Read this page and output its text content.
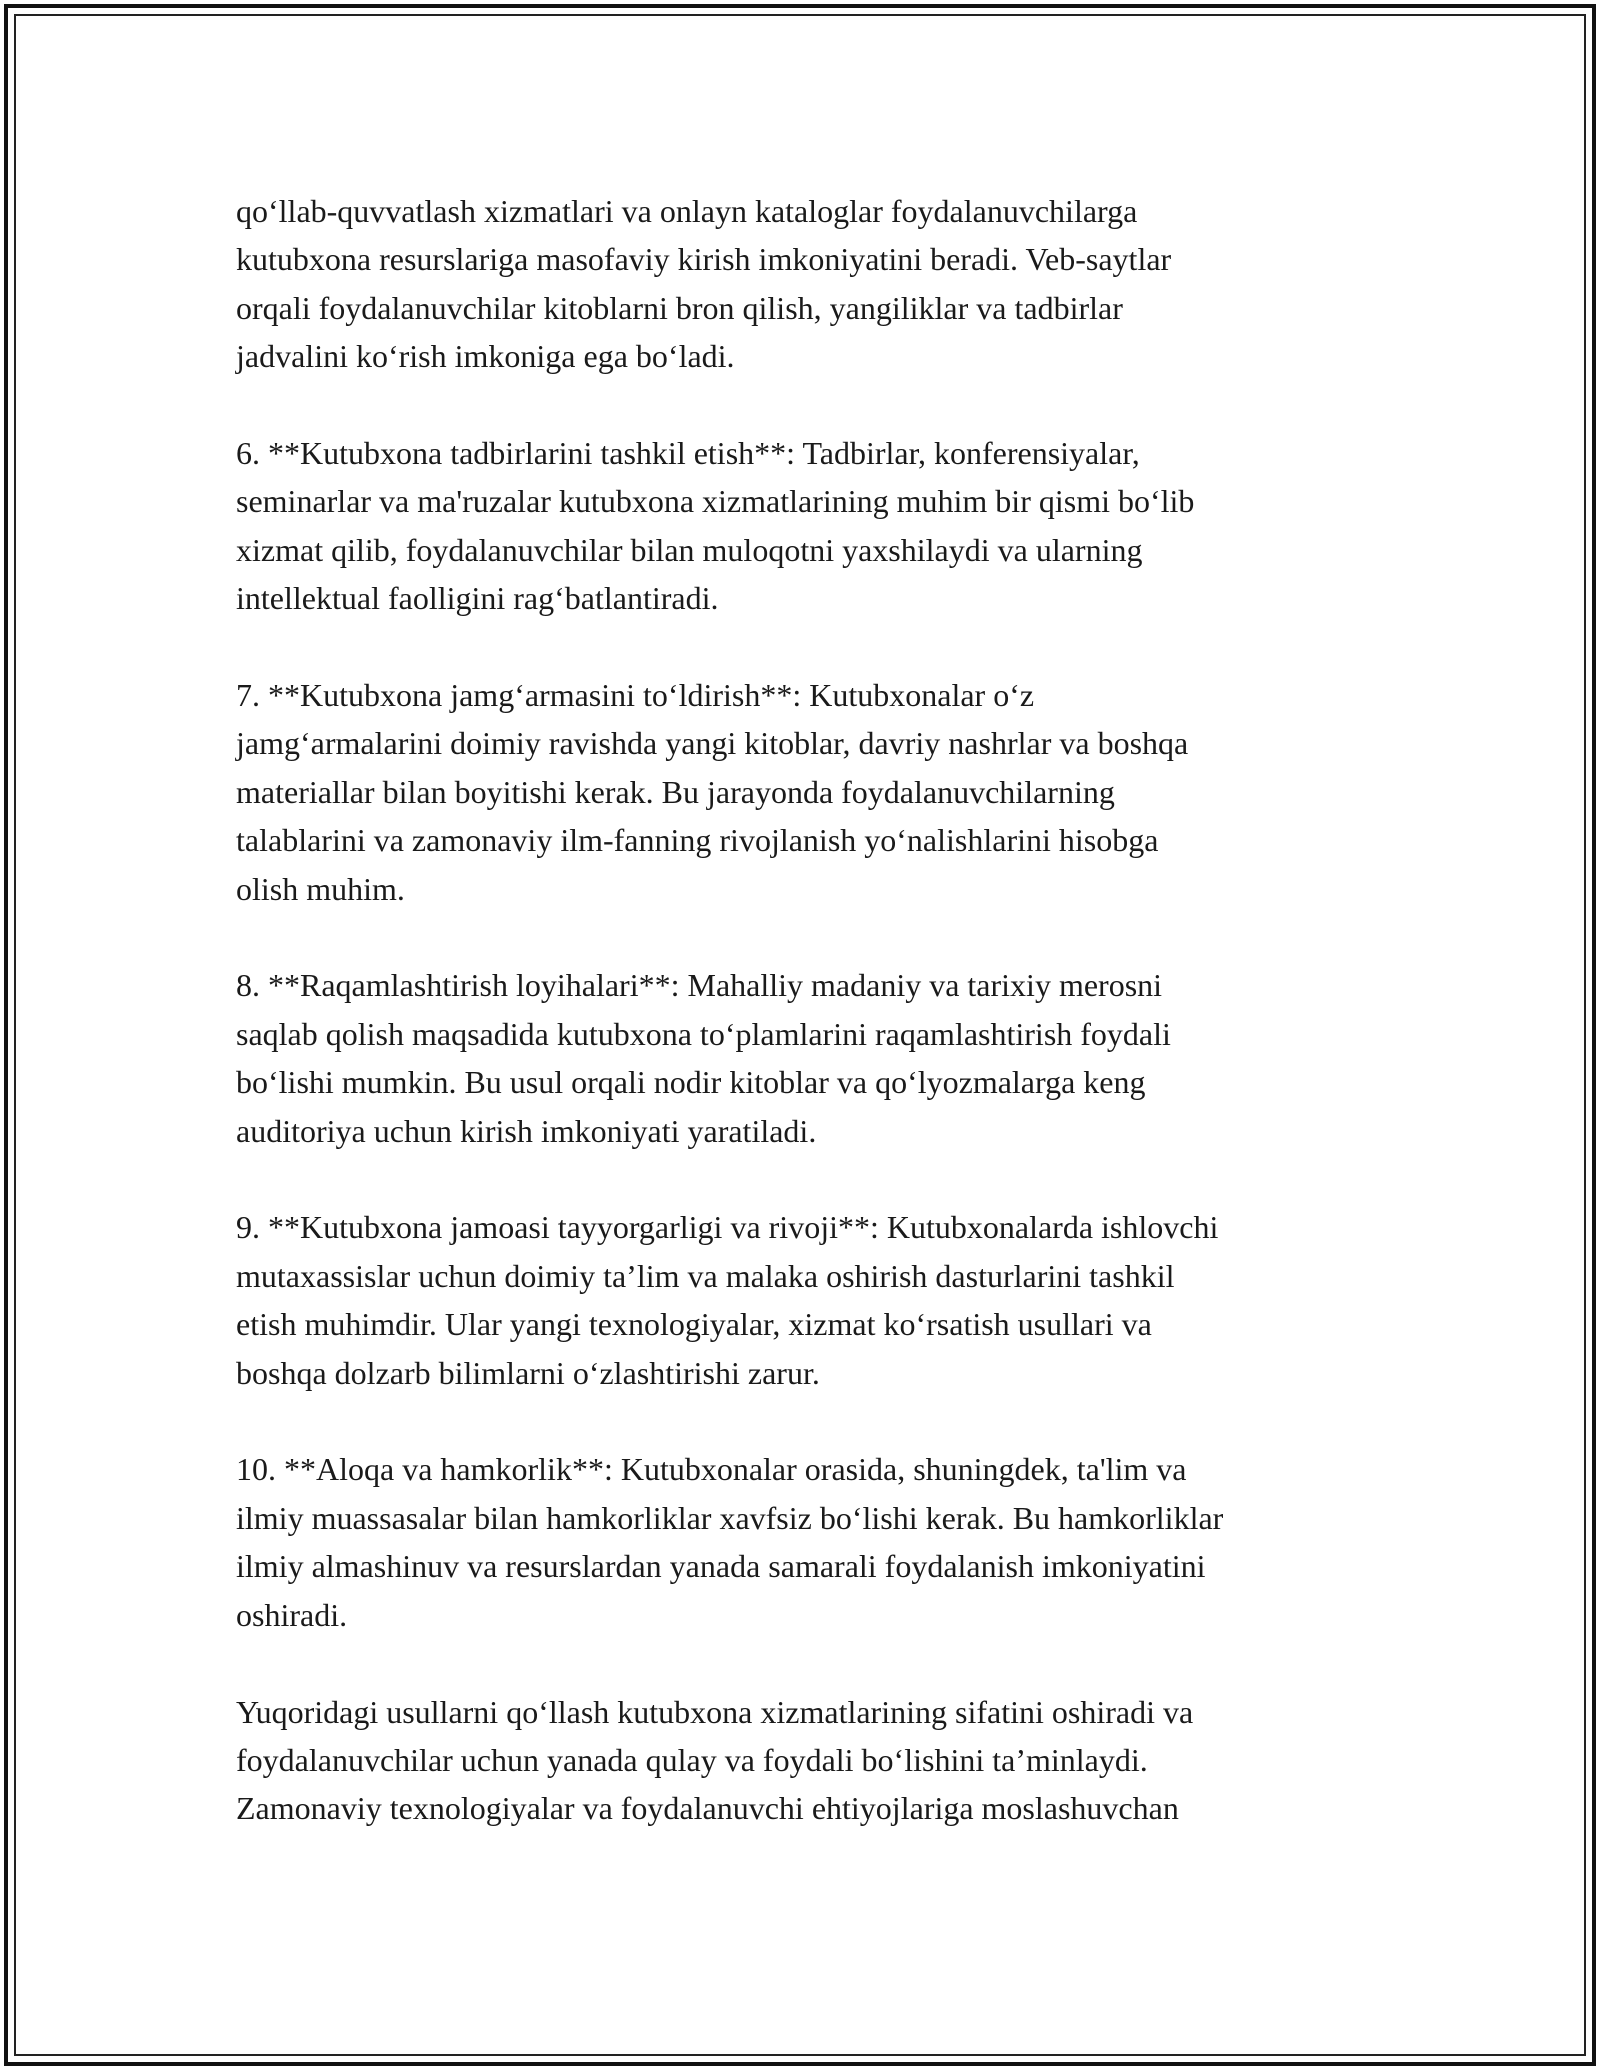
qo‘llab-quvvatlash xizmatlari va onlayn kataloglar foydalanuvchilarga
kutubxona resurslariga masofaviy kirish imkoniyatini beradi. Veb-saytlar
orqali foydalanuvchilar kitoblarni bron qilish, yangiliklar va tadbirlar
jadvalini ko‘rish imkoniga ega bo‘ladi.

6. **Kutubxona tadbirlarini tashkil etish**: Tadbirlar, konferensiyalar,
seminarlar va ma'ruzalar kutubxona xizmatlarining muhim bir qismi bo‘lib
xizmat qilib, foydalanuvchilar bilan muloqotni yaxshilaydi va ularning
intellektual faolligini rag‘batlantiradi.

7. **Kutubxona jamg‘armasini to‘ldirish**: Kutubxonalar o‘z
jamg‘armalarini doimiy ravishda yangi kitoblar, davriy nashrlar va boshqa
materiallar bilan boyitishi kerak. Bu jarayonda foydalanuvchilarning
talablarini va zamonaviy ilm-fanning rivojlanish yo‘nalishlarini hisobga
olish muhim.

8. **Raqamlashtirish loyihalari**: Mahalliy madaniy va tarixiy merosni
saqlab qolish maqsadida kutubxona to‘plamlarini raqamlashtirish foydali
bo‘lishi mumkin. Bu usul orqali nodir kitoblar va qo‘lyozmalarga keng
auditoriya uchun kirish imkoniyati yaratiladi.

9. **Kutubxona jamoasi tayyorgarligi va rivoji**: Kutubxonalarda ishlovchi
mutaxassislar uchun doimiy ta’lim va malaka oshirish dasturlarini tashkil
etish muhimdir. Ular yangi texnologiyalar, xizmat ko‘rsatish usullari va
boshqa dolzarb bilimlarni o‘zlashtirishi zarur.

10. **Aloqa va hamkorlik**: Kutubxonalar orasida, shuningdek, ta'lim va
ilmiy muassasalar bilan hamkorliklar xavfsiz bo‘lishi kerak. Bu hamkorliklar
ilmiy almashinuv va resurslardan yanada samarali foydalanish imkoniyatini
oshiradi.

Yuqoridagi usullarni qo‘llash kutubxona xizmatlarining sifatini oshiradi va
foydalanuvchilar uchun yanada qulay va foydali bo‘lishini ta’minlaydi.
Zamonaviy texnologiyalar va foydalanuvchi ehtiyojlariga moslashuvchan
